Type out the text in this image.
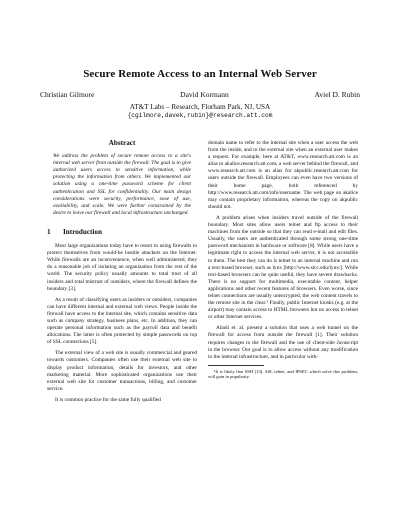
Secure Remote Access to an Internal Web Server
Christian Gilmore	David Kormann	Aviel D. Rubin
AT&T Labs – Research, Florham Park, NJ, USA
{cgilmore,davek,rubin}@research.att.com
Abstract
We address the problem of secure remote access to a site's internal web server from outside the firewall. The goal is to give authorized users access to sensitive information, while protecting the information from others. We implemented our solution using a one-time password scheme for client authentication and SSL for confidentiality. Our main design considerations were security, performance, ease of use, availability, and scale. We were further constrained by the desire to leave our firewall and local infrastructure unchanged.
1 Introduction

Most large organizations today have to resort to using firewalls to protect themselves from would-be hostile attackers on the Internet. While firewalls are an inconvenience, when well administered, they do a reasonable job of isolating an organization from the rest of the world. The security policy usually amounts to total trust of all insiders and total mistrust of outsiders, where the firewall defines the boundary [3].

As a result of classifying users as insiders or outsiders, companies can have different internal and external web views. People inside the firewall have access to the internal site, which contains sensitive data such as company strategy, business plans, etc. In addition, they can operate personal information such as the payroll data and benefit allocations. The latter is often protected by simple passwords on top of SSL connections [5].

The external view of a web site is usually commercial and geared towards customers. Companies often use their external web site to display product information, details for investors, and other marketing material. More sophisticated organizations use their external web site for customer transactions, billing, and customer service.

It is common practice for the same fully qualified

domain name to refer to the internal site when a user access the web from the inside, and to the external site when an external user makes a request. For example, here at AT&T, www.research.att.com is an alias to akalice.research.att.com, a web server behind the firewall, and www.research.att.com is an alias for akpublic.research.att.com for users outside the firewall. Employees can even have two versions of their home page, both referenced by http://www.research.att.com/info/username. The web page on akalice may contain proprietary information, whereas the copy on akpublic should not.

A problem arises when insiders travel outside of the firewall boundary. Most sites allow users telnet and ftp access to their machines from the outside so that they can read e-mail and edit files. Usually, the users are authenticated through some strong one-time password mechanism in hardware or software [8]. While users have a legitimate right to access the internal web server, it is not accessible to them. The best they can do is telnet to an internal machine and run a text-based browser, such as lynx [http://www.slcc.edu/lynx/]. While text-based browsers can be quite useful, they have severe drawbacks. There is no support for multimedia, executable content, helper applications and other recent features of browsers. Even worse, since telnet connections are usually unencrypted, the web content travels to the remote site in the clear.¹ Finally, public Internet kiosks (e.g. at the airport) may contain access to HTML browsers but no access to telnet or other Internet services.

Abadi et. al. present a solution that uses a web tunnel on the firewall for access from outside the firewall [1]. Their solution requires changes to the firewall and the use of client-side Javascript in the browser. Our goal is to allow access without any modification to the internal infrastructure, and in particular with-

¹It is likely that SSH [13], SSL telnet, and IPSEC which solve this problem, will gain in popularity.
